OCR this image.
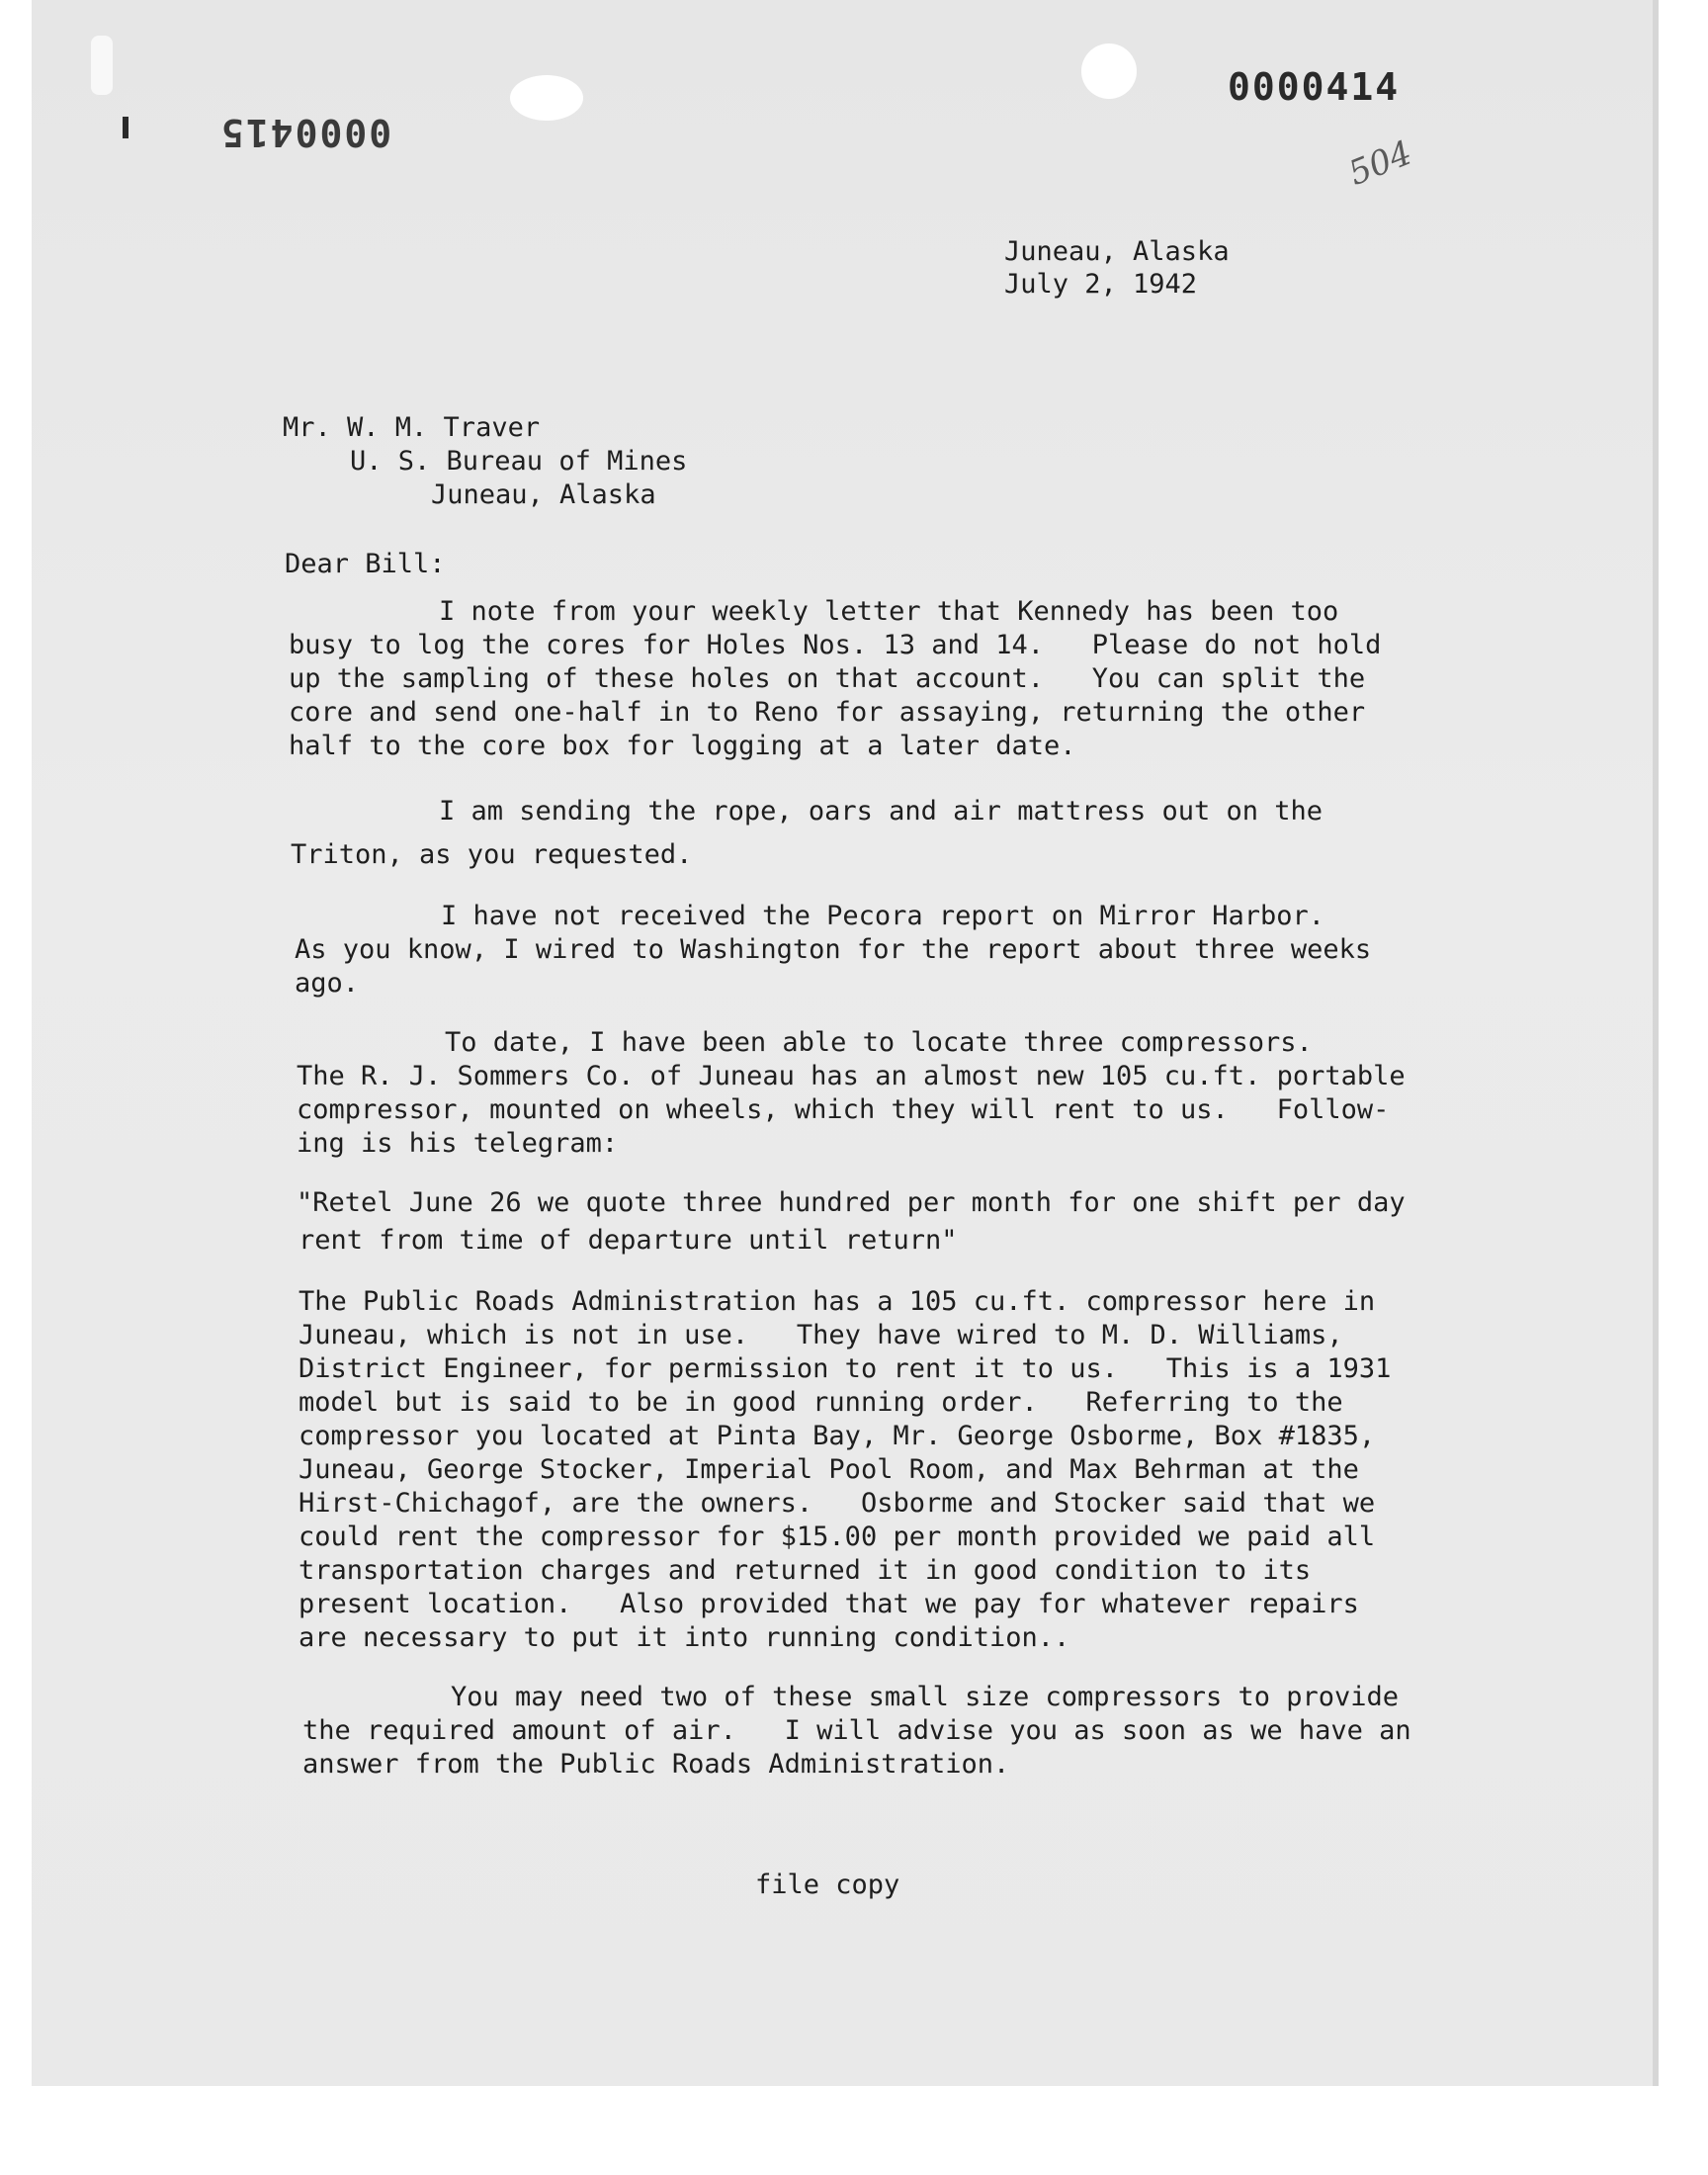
0000414
0000415
504
Juneau, Alaska
July 2, 1942
Mr. W. M. Traver
U. S. Bureau of Mines
Juneau, Alaska
Dear Bill:
I note from your weekly letter that Kennedy has been too
busy to log the cores for Holes Nos. 13 and 14.   Please do not hold
up the sampling of these holes on that account.   You can split the
core and send one-half in to Reno for assaying, returning the other
half to the core box for logging at a later date.
I am sending the rope, oars and air mattress out on the
Triton, as you requested.
I have not received the Pecora report on Mirror Harbor.
As you know, I wired to Washington for the report about three weeks
ago.
To date, I have been able to locate three compressors.
The R. J. Sommers Co. of Juneau has an almost new 105 cu.ft. portable
compressor, mounted on wheels, which they will rent to us.   Follow-
ing is his telegram:
"Retel June 26 we quote three hundred per month for one shift per day
rent from time of departure until return"
The Public Roads Administration has a 105 cu.ft. compressor here in
Juneau, which is not in use.   They have wired to M. D. Williams,
District Engineer, for permission to rent it to us.   This is a 1931
model but is said to be in good running order.   Referring to the
compressor you located at Pinta Bay, Mr. George Osborme, Box #1835,
Juneau, George Stocker, Imperial Pool Room, and Max Behrman at the
Hirst-Chichagof, are the owners.   Osborme and Stocker said that we
could rent the compressor for $15.00 per month provided we paid all
transportation charges and returned it in good condition to its
present location.   Also provided that we pay for whatever repairs
are necessary to put it into running condition..
You may need two of these small size compressors to provide
the required amount of air.   I will advise you as soon as we have an
answer from the Public Roads Administration.
file copy
